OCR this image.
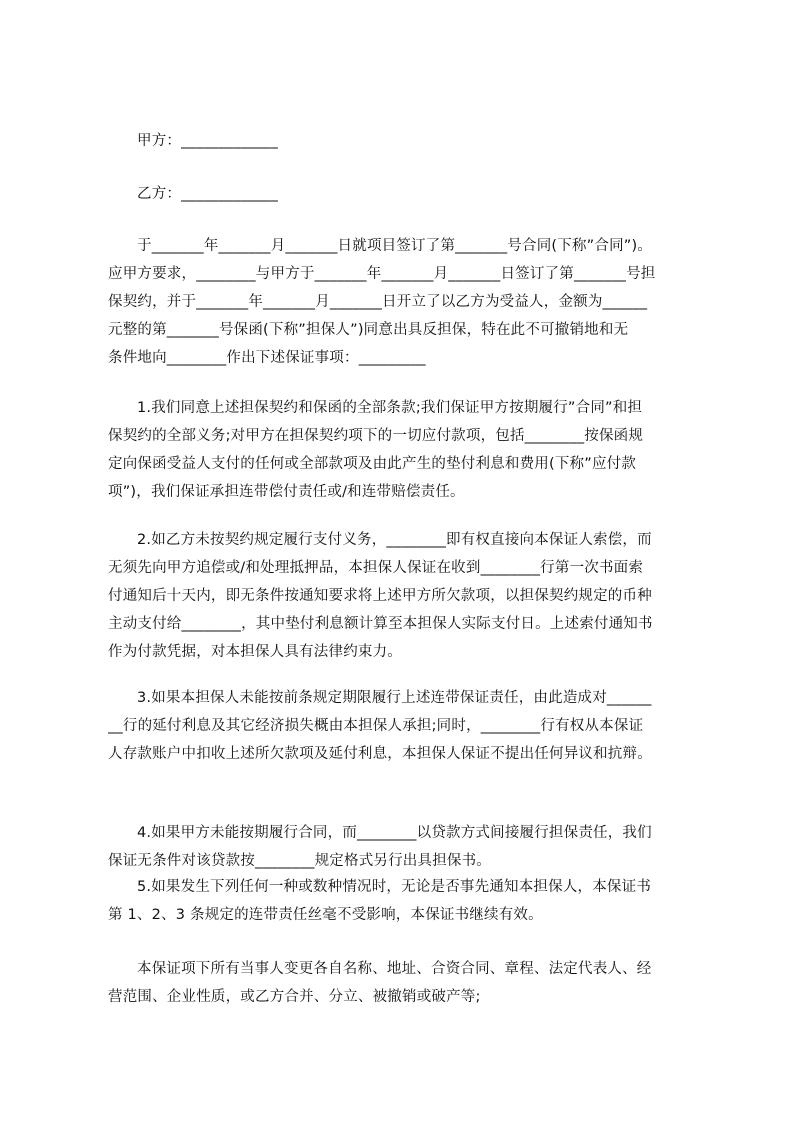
甲方：_____________

乙方：_____________

于_______年_______月_______日就项目签订了第_______号合同(下称”合同”)。
应甲方要求，________与甲方于_______年_______月_______日签订了第_______号担
保契约，并于_______年_______月_______日开立了以乙方为受益人，金额为______
元整的第_______号保函(下称”担保人”)同意出具反担保，特在此不可撤销地和无
条件地向________作出下述保证事项：_________

1.我们同意上述担保契约和保函的全部条款;我们保证甲方按期履行”合同”和担
保契约的全部义务;对甲方在担保契约项下的一切应付款项，包括________按保函规
定向保函受益人支付的任何或全部款项及由此产生的垫付利息和费用(下称”应付款
项”)，我们保证承担连带偿付责任或/和连带赔偿责任。

2.如乙方未按契约规定履行支付义务，________即有权直接向本保证人索偿，而
无须先向甲方追偿或/和处理抵押品，本担保人保证在收到________行第一次书面索
付通知后十天内，即无条件按通知要求将上述甲方所欠款项，以担保契约规定的币种
主动支付给________，其中垫付利息额计算至本担保人实际支付日。上述索付通知书
作为付款凭据，对本担保人具有法律约束力。

3.如果本担保人未能按前条规定期限履行上述连带保证责任，由此造成对______
__行的延付利息及其它经济损失概由本担保人承担;同时，________行有权从本保证
人存款账户中扣收上述所欠款项及延付利息，本担保人保证不提出任何异议和抗辩。

4.如果甲方未能按期履行合同，而________以贷款方式间接履行担保责任，我们
保证无条件对该贷款按________规定格式另行出具担保书。

5.如果发生下列任何一种或数种情况时，无论是否事先通知本担保人，本保证书
第 1、2、3 条规定的连带责任丝毫不受影响，本保证书继续有效。

本保证项下所有当事人变更各自名称、地址、合资合同、章程、法定代表人、经
营范围、企业性质，或乙方合并、分立、被撤销或破产等;
